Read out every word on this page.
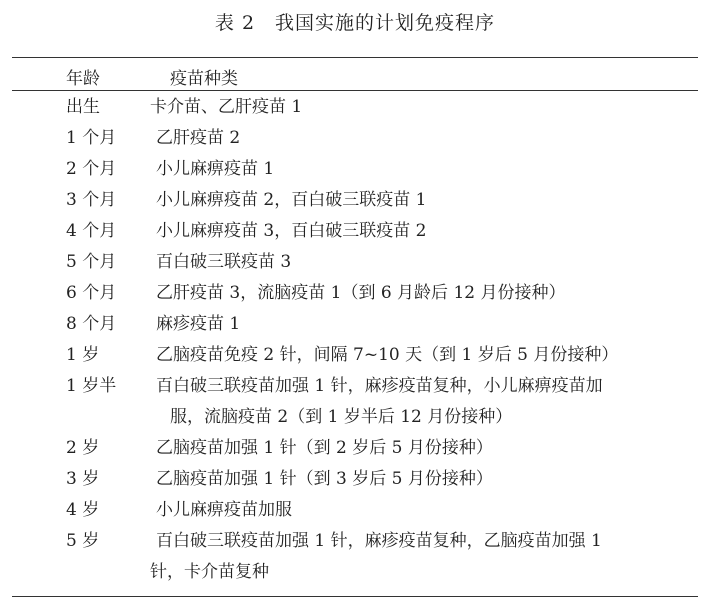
表 2　我国实施的计划免疫程序
年龄	疫苗种类
出生	卡介苗、乙肝疫苗 1
1 个月 乙肝疫苗 2
2 个月 小儿麻痹疫苗 1
3 个月 小儿麻痹疫苗 2，百白破三联疫苗 1
4 个月 小儿麻痹疫苗 3，百白破三联疫苗 2
5 个月 百白破三联疫苗 3
6 个月 乙肝疫苗 3，流脑疫苗 1（到 6 月龄后 12 月份接种）
8 个月 麻疹疫苗 1
1 岁	乙脑疫苗免疫 2 针，间隔 7~10 天（到 1 岁后 5 月份接种）
1 岁半 百白破三联疫苗加强 1 针，麻疹疫苗复种，小儿麻痹疫苗加
服，流脑疫苗 2（到 1 岁半后 12 月份接种）
2 岁	乙脑疫苗加强 1 针（到 2 岁后 5 月份接种）
3 岁	乙脑疫苗加强 1 针（到 3 岁后 5 月份接种）
4 岁	小儿麻痹疫苗加服
5 岁	百白破三联疫苗加强 1 针，麻疹疫苗复种，乙脑疫苗加强 1
针，卡介苗复种
